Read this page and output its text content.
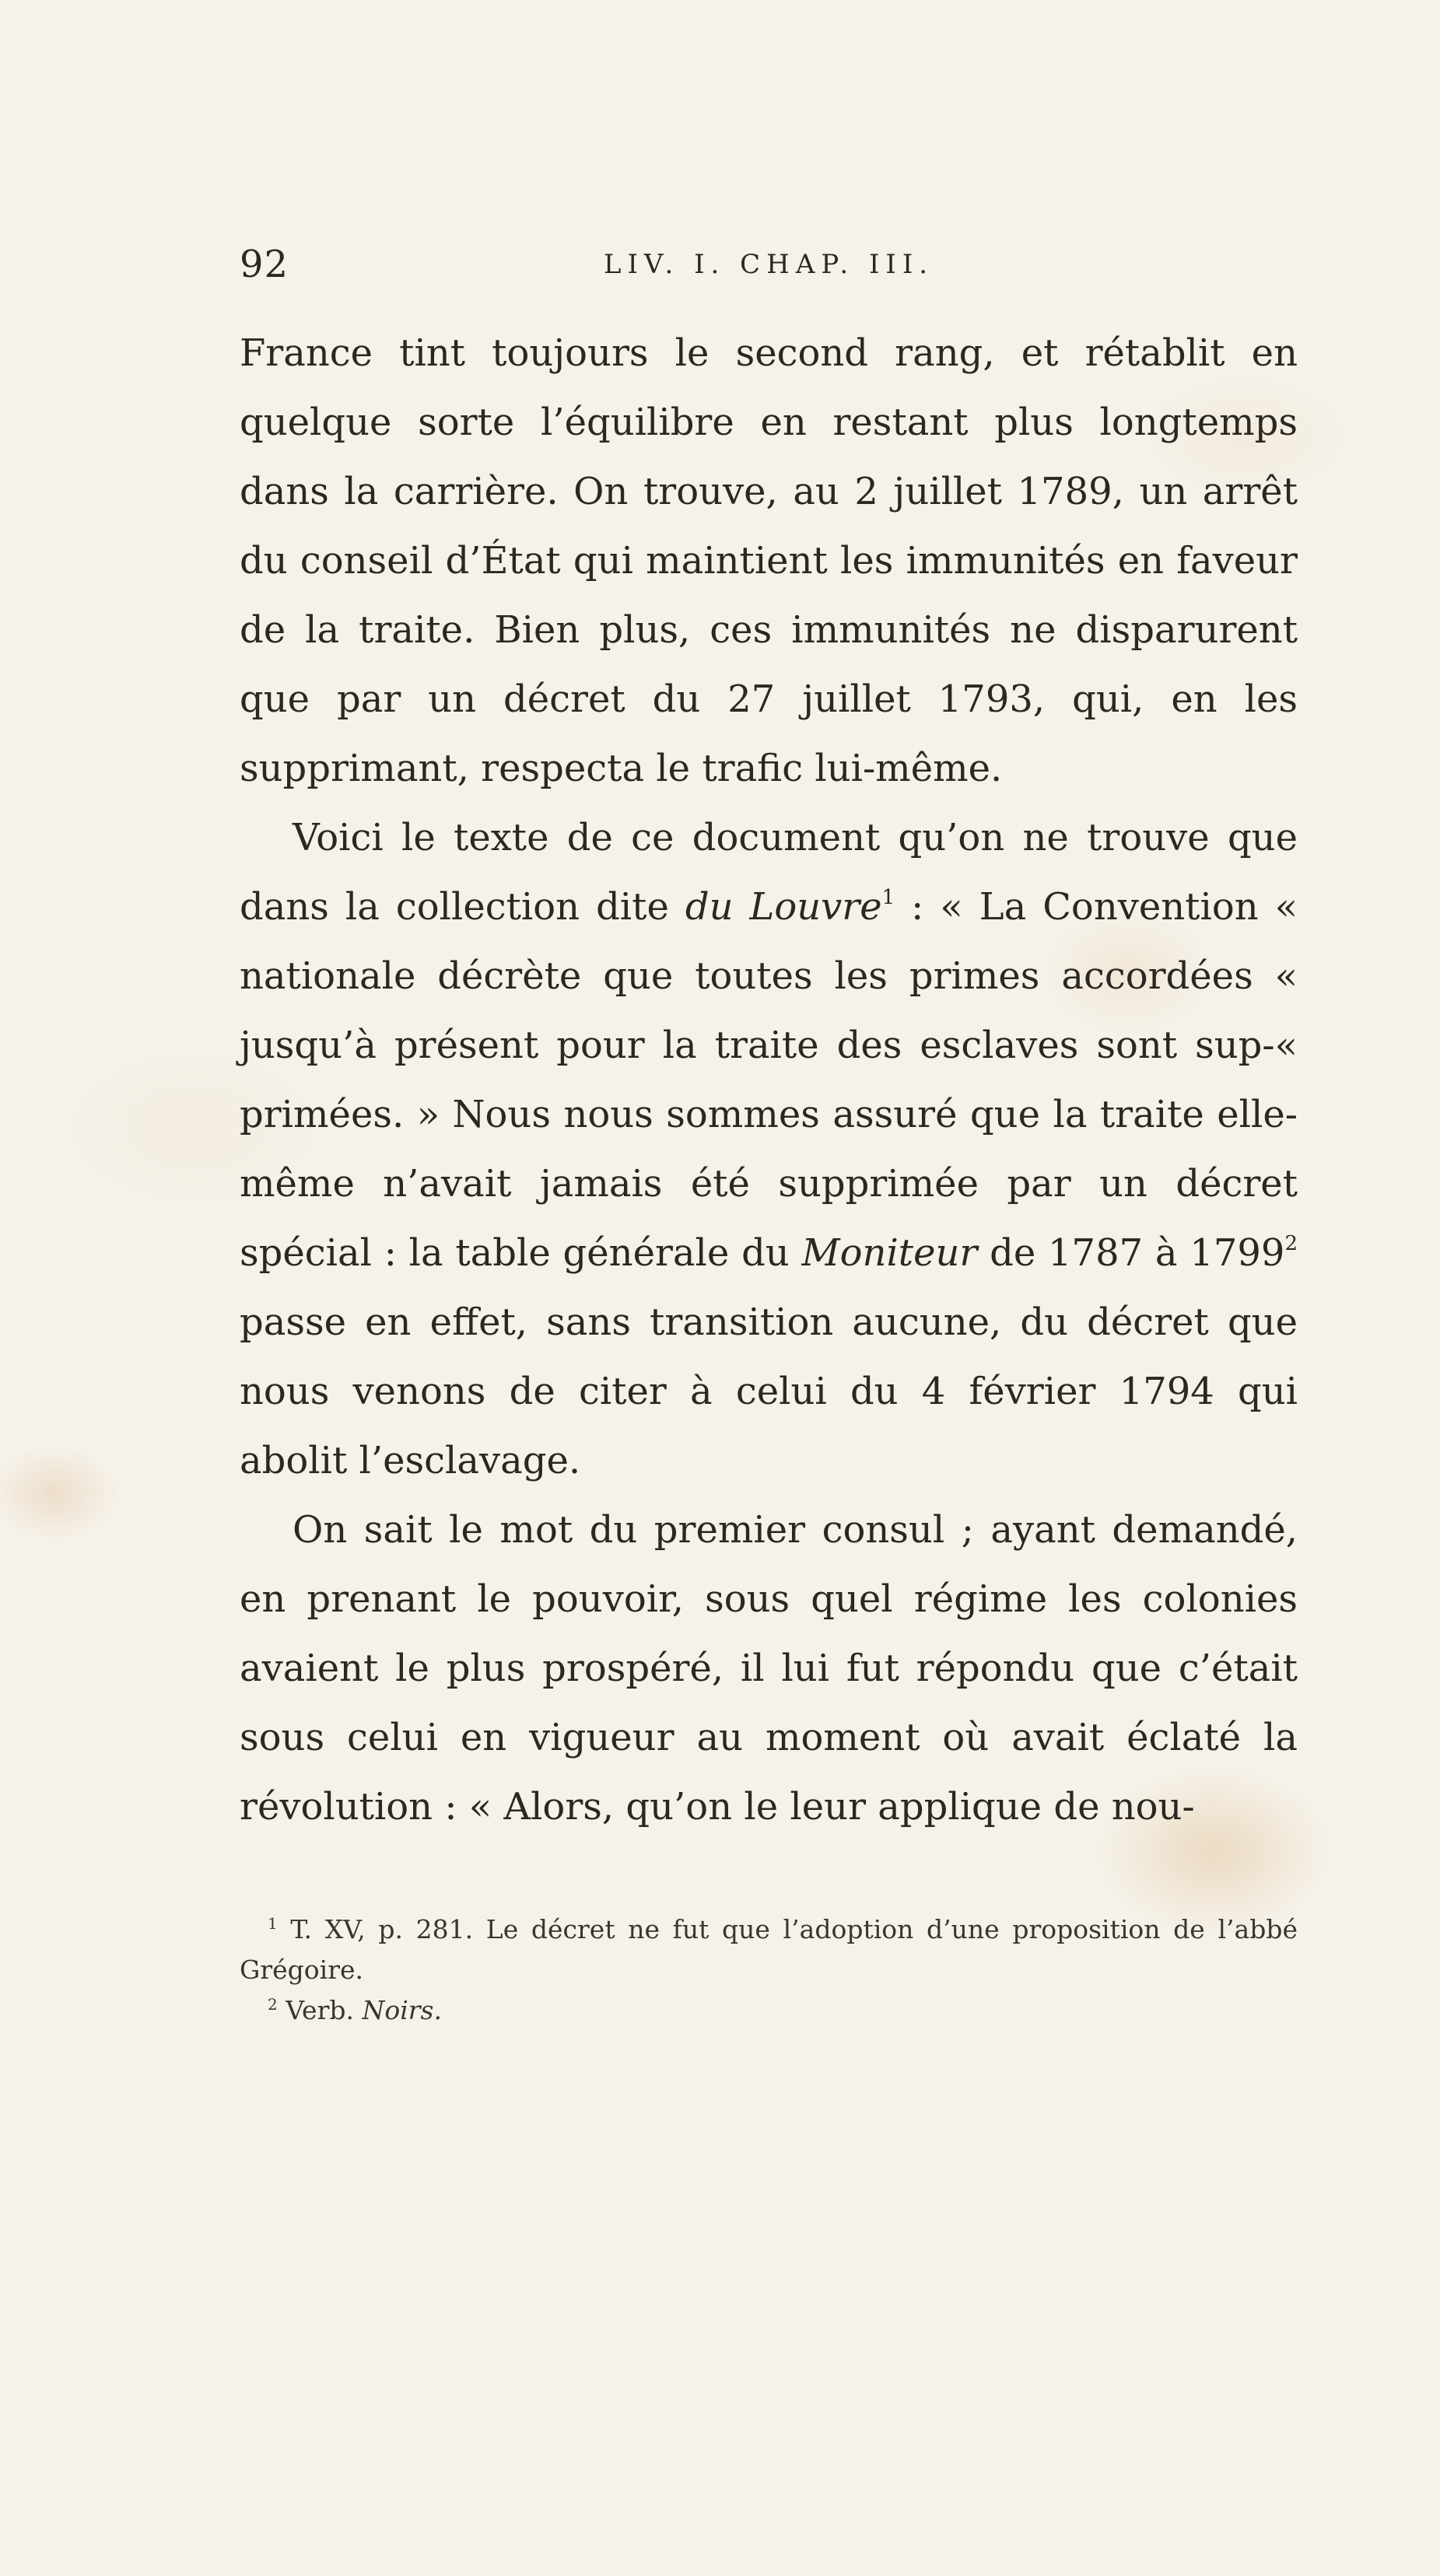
92	LIV. I. CHAP. III.

France tint toujours le second rang, et rétablit en quelque sorte l’équilibre en restant plus longtemps dans la carrière. On trouve, au 2 juillet 1789, un arrêt du conseil d’État qui maintient les immunités en faveur de la traite. Bien plus, ces immunités ne disparurent que par un décret du 27 juillet 1793, qui, en les supprimant, respecta le trafic lui-même.

Voici le texte de ce document qu’on ne trouve que dans la collection dite du Louvre$^1$ : « La Convention « nationale décrète que toutes les primes accordées « jusqu’à présent pour la traite des esclaves sont sup-« primées. » Nous nous sommes assuré que la traite elle-même n’avait jamais été supprimée par un décret spécial : la table générale du Moniteur de 1787 à 1799$^2$ passe en effet, sans transition aucune, du décret que nous venons de citer à celui du 4 février 1794 qui abolit l’esclavage.

On sait le mot du premier consul ; ayant demandé, en prenant le pouvoir, sous quel régime les colonies avaient le plus prospéré, il lui fut répondu que c’était sous celui en vigueur au moment où avait éclaté la révolution : « Alors, qu’on le leur applique de nou-

$^1$ T. XV, p. 281. Le décret ne fut que l’adoption d’une proposition de l’abbé Grégoire.

$^2$ Verb. Noirs.
